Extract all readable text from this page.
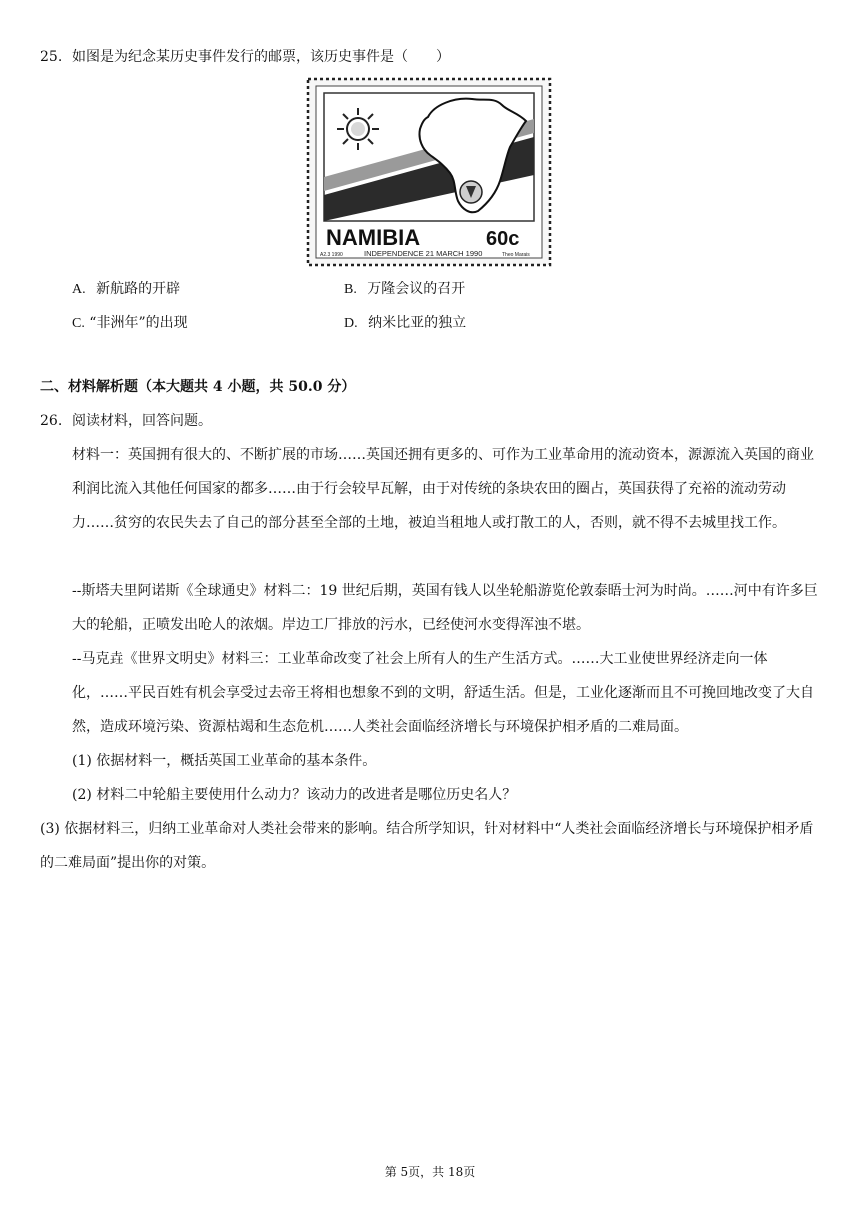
25. 如图是为纪念某历史事件发行的邮票，该历史事件是（　　）
NAMIBIA	60c
A2.3 1990	INDEPENDENCE 21 MARCH 1990	Theo Marais
A. 新航路的开辟	B. 万隆会议的召开
C. “非洲年”的出现	D. 纳米比亚的独立
二、材料解析题（本大题共 4 小题，共 50.0 分）
26. 阅读材料，回答问题。
材料一：英国拥有很大的、不断扩展的市场……英国还拥有更多的、可作为工业革命用的流动资本，源源流入英国的商业利润比流入其他任何国家的都多……由于行会较早瓦解，由于对传统的条块农田的圈占，英国获得了充裕的流动劳动力……贫穷的农民失去了自己的部分甚至全部的土地，被迫当租地人或打散工的人，否则，就不得不去城里找工作。
--斯塔夫里阿诺斯《全球通史》材料二：19 世纪后期，英国有钱人以坐轮船游览伦敦泰晤士河为时尚。……河中有许多巨大的轮船，正喷发出呛人的浓烟。岸边工厂排放的污水，已经使河水变得浑浊不堪。
--马克垚《世界文明史》材料三：工业革命改变了社会上所有人的生产生活方式。……大工业使世界经济走向一体化，……平民百姓有机会享受过去帝王将相也想象不到的文明，舒适生活。但是，工业化逐渐而且不可挽回地改变了大自然，造成环境污染、资源枯竭和生态危机……人类社会面临经济增长与环境保护相矛盾的二难局面。
(1) 依据材料一，概括英国工业革命的基本条件。
(2) 材料二中轮船主要使用什么动力？该动力的改进者是哪位历史名人？
(3) 依据材料三，归纳工业革命对人类社会带来的影响。结合所学知识，针对材料中“人类社会面临经济增长与环境保护相矛盾的二难局面”提出你的对策。
第 5页，共 18页
